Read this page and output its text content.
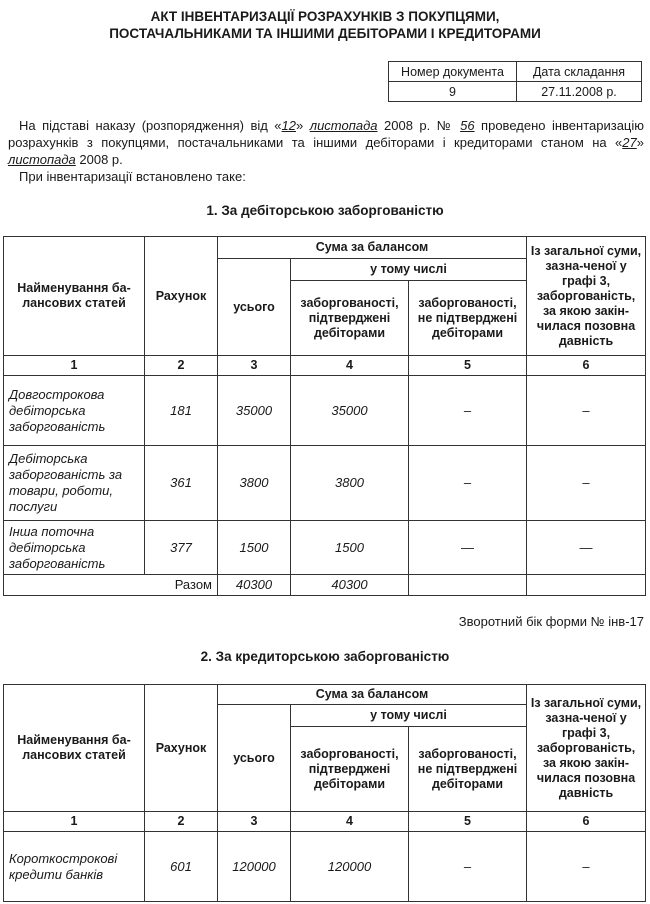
АКТ ІНВЕНТАРИЗАЦІЇ РОЗРАХУНКІВ З ПОКУПЦЯМИ,
ПОСТАЧАЛЬНИКАМИ ТА ІНШИМИ ДЕБІТОРАМИ І КРЕДИТОРАМИ
Номер документа	Дата складання
9	27.11.2008 р.
На підставі наказу (розпорядження) від «12» листопада 2008 р. № 56 проведено інвентаризацію розрахунків з покупцями, постачальниками та іншими дебіторами і кредиторами станом на «27» листопада 2008 р.
При інвентаризації встановлено таке:
1. За дебіторською заборгованістю
Найменування ба-лансових статей	Рахунок	Сума за балансом			Із загальної суми, зазна-ченої у графі 3, заборгованість, за якою закін-чилася позовна давність
		усього	у тому числі		
			заборгованості, підтверджені дебіторами	заборгованості, не підтверджені дебіторами	
1	2	3	4	5	6
Довгострокова дебіторська заборгованість	181	35000	35000	–	–
Дебіторська заборгованість за товари, роботи, послуги	361	3800	3800	–	–
Інша поточна дебіторська заборгованість	377	1500	1500	—	—
Разом		40300	40300		
Зворотний бік форми № інв-17
2. За кредиторською заборгованістю
Найменування ба-лансових статей	Рахунок	Сума за балансом			Із загальної суми, зазна-ченої у графі 3, заборгованість, за якою закін-чилася позовна давність
		усього	у тому числі		
			заборгованості, підтверджені дебіторами	заборгованості, не підтверджені дебіторами	
1	2	3	4	5	6
Короткострокові кредити банків	601	120000	120000	–	–
